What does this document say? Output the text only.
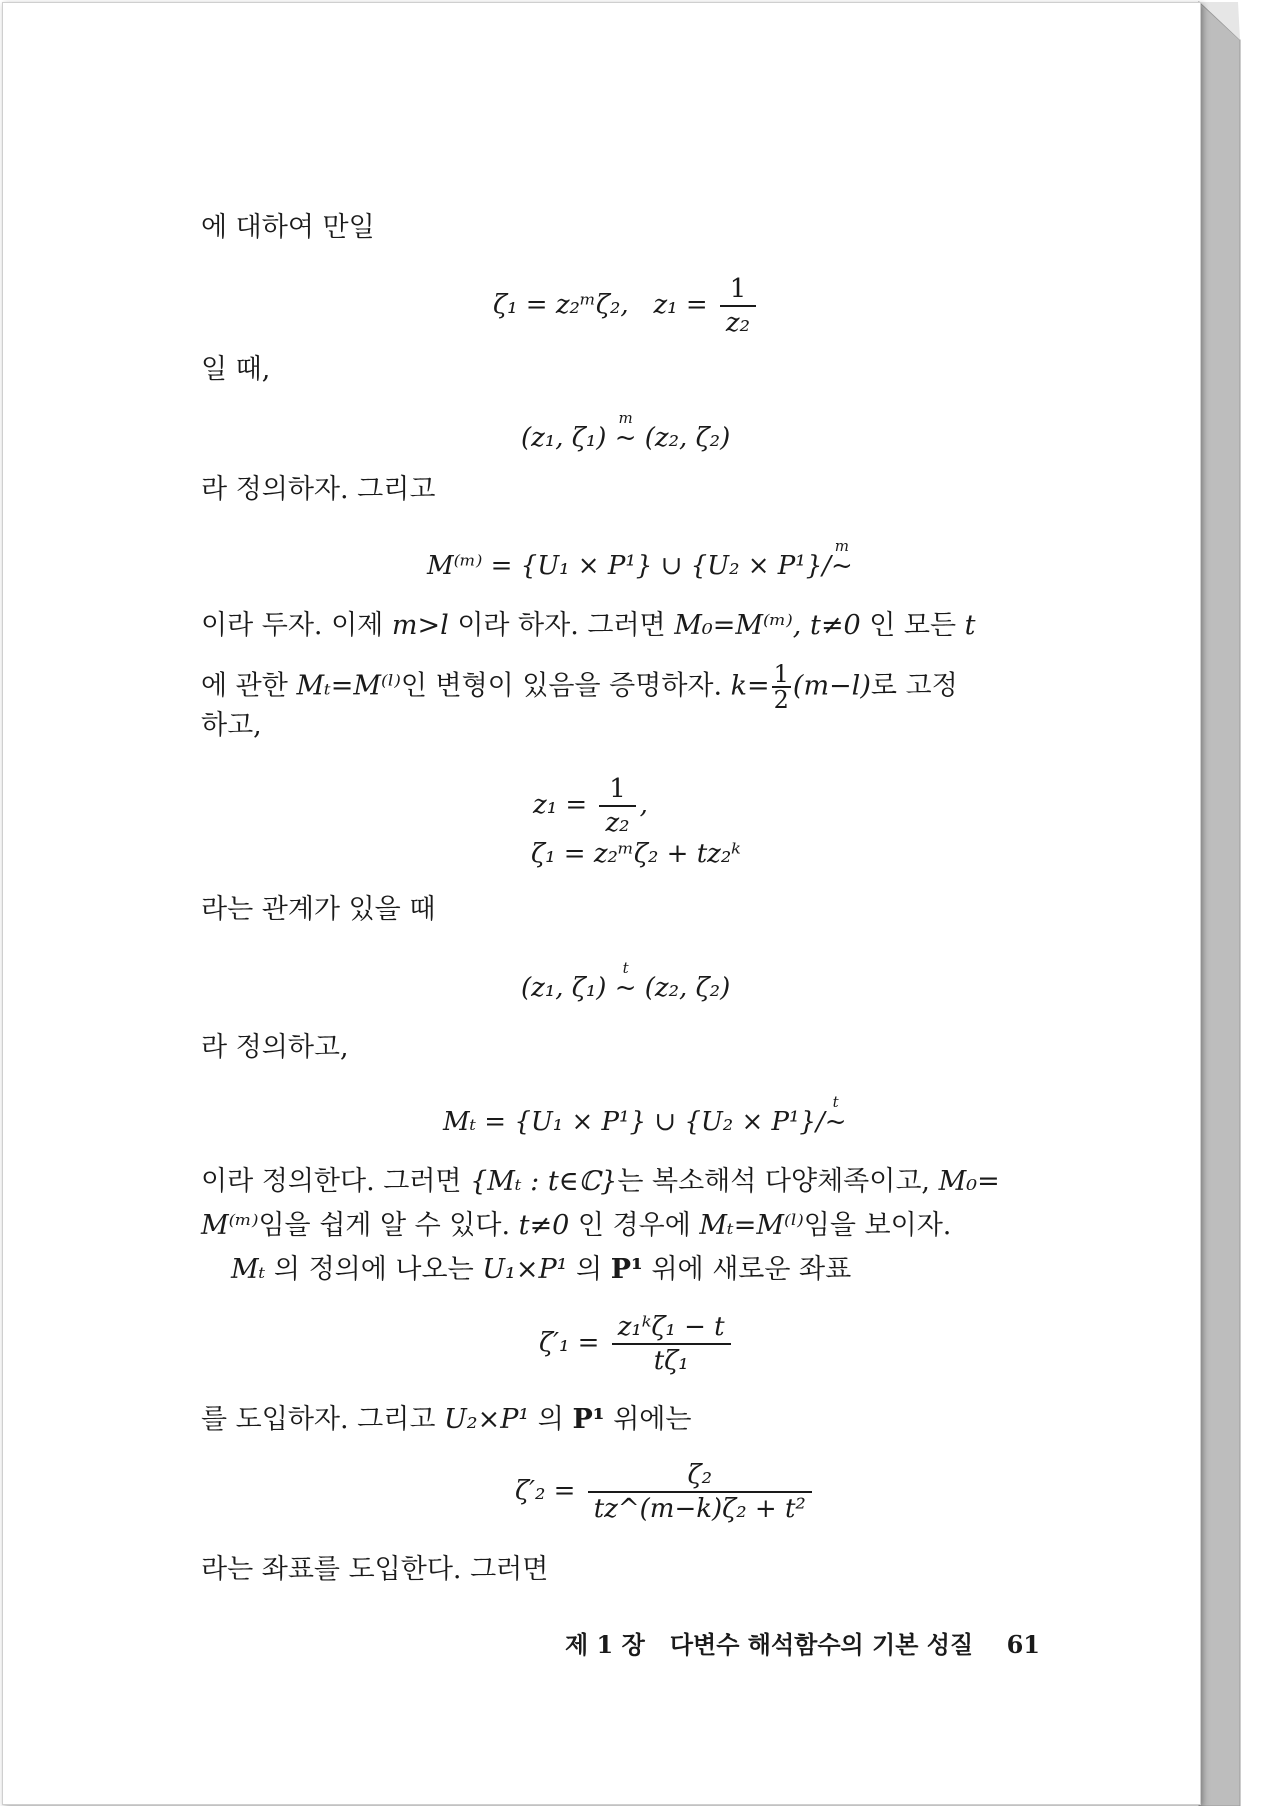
에 대하여 만일
ζ₁ = z₂ᵐζ₂, $z_1 = \frac{1}{\text{z₂}}$
일 때,
(z₁, ζ₁)
m
~ (z₂, ζ₂)
라 정의하자. 그리고
M⁽ᵐ⁾ = {U₁ × P¹} ∪ {U₂ × P¹}/
m
~
이라 두자. 이제 m>l 이라 하자. 그러면 M₀=M⁽ᵐ⁾, t≠0 인 모든 t
에 관한 Mₜ=M⁽ˡ⁾인 변형이 있음을 증명하자. $k= \frac{1}{2} (m-l)$로 고정
하고,
$z_1 = \frac{1}{\text{z₂}}$ ,
ζ₁ = z₂ᵐζ₂ + tz₂ᵏ
라는 관계가 있을 때
(z₁, ζ₁)
t
~ (z₂, ζ₂)
라 정의하고,
Mₜ = {U₁ × P¹} ∪ {U₂ × P¹}/
t
~
이라 정의한다. 그러면 {Mₜ : t∈ℂ}는 복소해석 다양체족이고, M₀=
M⁽ᵐ⁾임을 쉽게 알 수 있다. t≠0 인 경우에 Mₜ=M⁽ˡ⁾임을 보이자.
Mₜ 의 정의에 나오는 U₁×P¹ 의 P¹ 위에 새로운 좌표
$\zeta'_1 = \frac{\text{z₁ᵏζ₁ − t}}{\text{tζ₁}}$
를 도입하자. 그리고 U₂×P¹ 의 P¹ 위에는
$\zeta'_2 = \frac{\text{ζ₂}}{\text{tz\textasciicircum{}(m−k)ζ₂ + t²}}$
라는 좌표를 도입한다. 그러면
제 1 장 다변수 해석함수의 기본 성질 61
